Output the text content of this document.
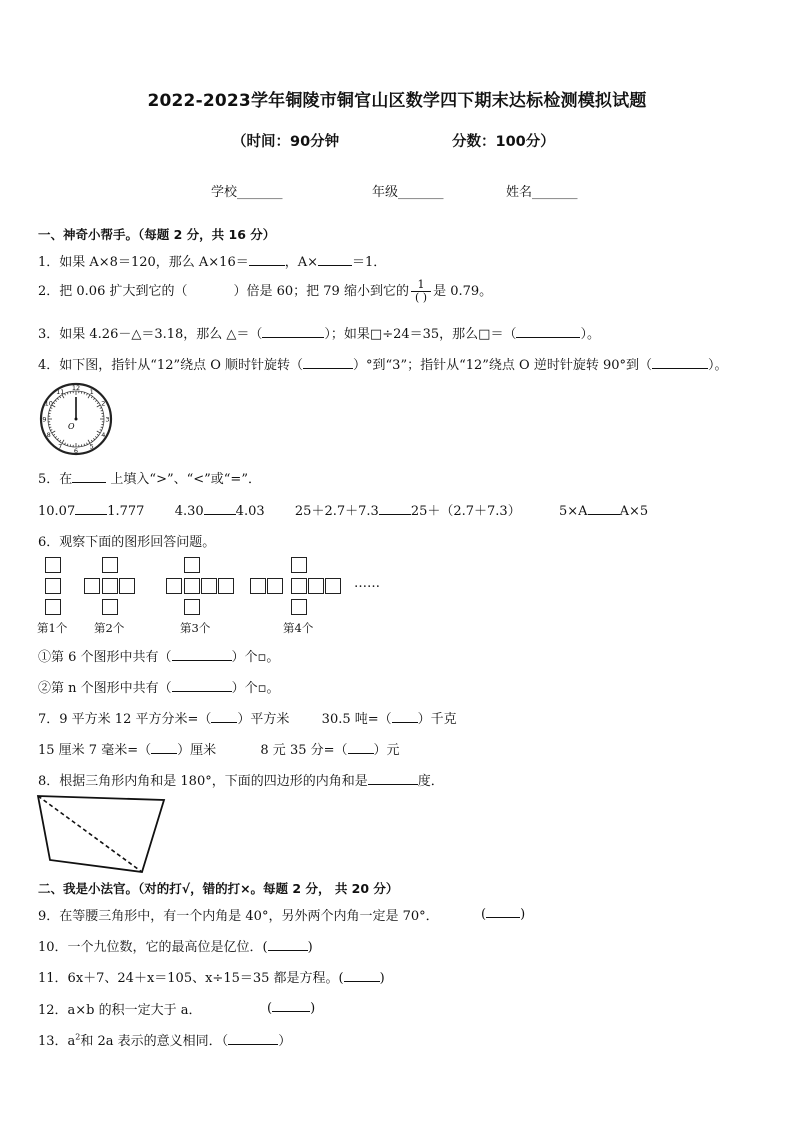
2022-2023学年铜陵市铜官山区数学四下期末达标检测模拟试题
（时间：90分钟	分数：100分）
学校_______	年级_______	姓名_______
一、神奇小帮手。（每题 2 分，共 16 分）
1．如果 A×8＝120，那么 A×16＝	，A×	＝1．
2．把 0.06 扩大到它的（	）倍是 60；把 79 缩小到它的 $\frac{1}{( )}$ 是 0.79。
3．如果 4.26－△＝3.18，那么 △＝（	）；如果□÷24＝35，那么□＝（	）。
4．如下图，指针从“12”绕点 O 顺时针旋转（	）°到“3”；指针从“12”绕点 O 逆时针旋转 90°到（	）。
12
1
2
3
4
5
6
7
8
9
10
11
O
5．在	上填入“>”、“<”或“=”．
10.07 1.777 4.30 4.03 25＋2.7＋7.3 25＋（2.7＋7.3）	5×A A×5
6．观察下面的图形回答问题。
……
第1个 第2个	第3个	第4个
①第 6 个图形中共有（	）个▫。
②第 n 个图形中共有（	）个▫。
7．9 平方米 12 平方分米=（ ）平方米 30.5 吨=（ ）千克
15 厘米 7 毫米=（ ）厘米	8 元 35 分=（ ）元
8．根据三角形内角和是 180°，下面的四边形的内角和是	度．
二、我是小法官。（对的打√，错的打×。每题 2 分， 共 20 分）
9．在等腰三角形中，有一个内角是 40°，另外两个内角一定是 70°．	(	)
10．一个九位数，它的最高位是亿位．(	)
11．6x＋7、24＋x＝105、x÷15＝35 都是方程。(	)
12．a×b 的积一定大于 a．	(	)
13．$a^2$和 2a 表示的意义相同．（	）
